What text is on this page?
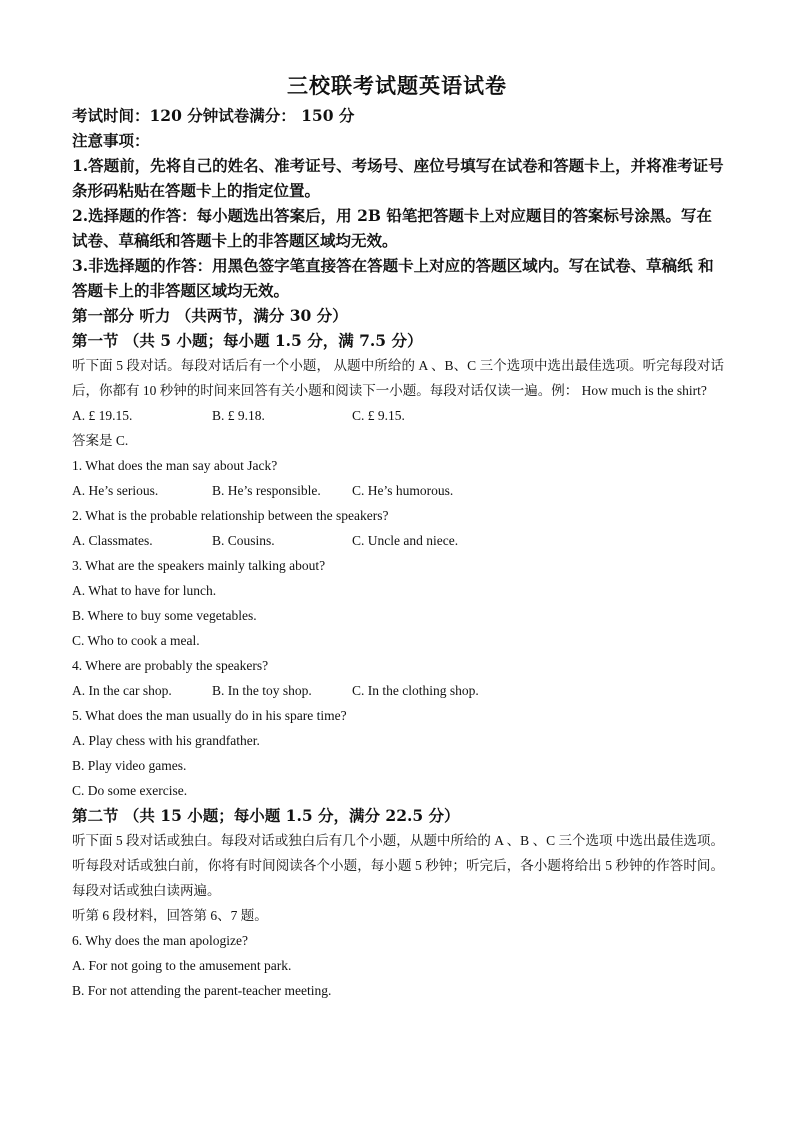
三校联考试题英语试卷

考试时间：120 分钟试卷满分： 150 分

注意事项：

1.答题前，先将自己的姓名、准考证号、考场号、座位号填写在试卷和答题卡上，并将准考证号条形码粘贴在答题卡上的指定位置。

2.选择题的作答：每小题选出答案后，用 2B 铅笔把答题卡上对应题目的答案标号涂黑。写在试卷、草稿纸和答题卡上的非答题区域均无效。

3.非选择题的作答：用黑色签字笔直接答在答题卡上对应的答题区域内。写在试卷、草稿纸 和答题卡上的非答题区域均无效。

第一部分 听力 （共两节，满分 30 分）

第一节 （共 5 小题；每小题 1.5 分，满 7.5 分）

听下面 5 段对话。每段对话后有一个小题， 从题中所给的 A 、B、C 三个选项中选出最佳选项。听完每段对话后，你都有 10 秒钟的时间来回答有关小题和阅读下一小题。每段对话仅读一遍。例： How much is the shirt?

A. £ 19.15.	B. £ 9.18.	C. £ 9.15.

答案是 C.

1. What does the man say about Jack?

A. He’s serious.	B. He’s responsible.	C. He’s humorous.

2. What is the probable relationship between the speakers?

A. Classmates.	B. Cousins.	C. Uncle and niece.

3. What are the speakers mainly talking about?

A. What to have for lunch.

B. Where to buy some vegetables.

C. Who to cook a meal.

4. Where are probably the speakers?

A. In the car shop.	B. In the toy shop.	C. In the clothing shop.

5. What does the man usually do in his spare time?

A. Play chess with his grandfather.

B. Play video games.

C. Do some exercise.

第二节 （共 15 小题；每小题 1.5 分，满分 22.5 分）

听下面 5 段对话或独白。每段对话或独白后有几个小题，从题中所给的 A 、B 、C 三个选项 中选出最佳选项。听每段对话或独白前，你将有时间阅读各个小题，每小题 5 秒钟；听完后，各小题将给出 5 秒钟的作答时间。每段对话或独白读两遍。

听第 6 段材料，回答第 6、7 题。

6. Why does the man apologize?

A. For not going to the amusement park.

B. For not attending the parent-teacher meeting.
